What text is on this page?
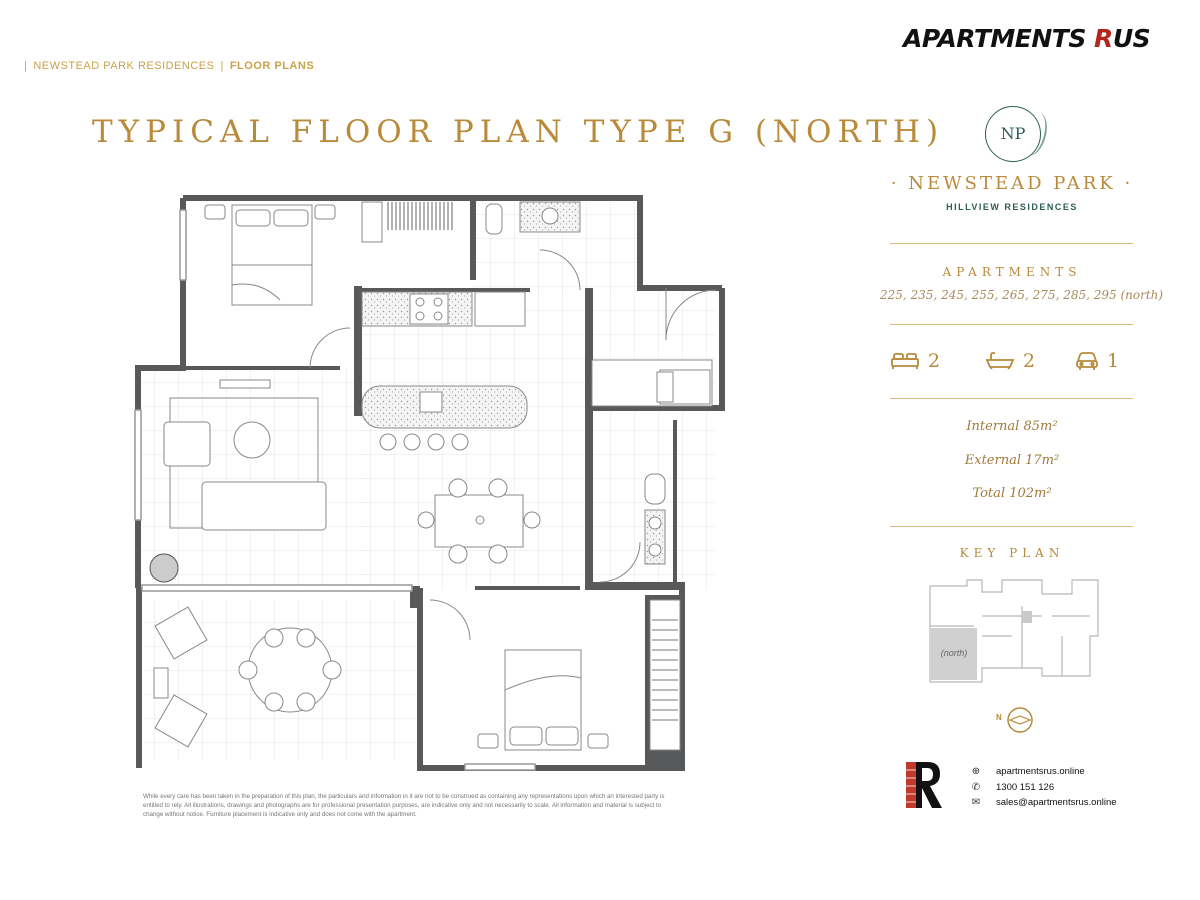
| NEWSTEAD PARK RESIDENCES | FLOOR PLANS
APARTMENTS RUS
TYPICAL FLOOR PLAN TYPE G (NORTH)	NP
· NEWSTEAD PARK ·
HILLVIEW RESIDENCES
APARTMENTS
225, 235, 245, 255, 265, 275, 285, 295 (north)
2	2	1
Internal 85m²
External 17m²
Total 102m²
KEY PLAN
(north)
N
While every care has been taken in the preparation of this plan, the particulars and information in it are not to be construed as containing any representations upon which an interested party is entitled to rely. All illustrations, drawings and photographs are for professional presentation purposes, are indicative only and not necessarily to scale. All information and material is subject to change without notice. Furniture placement is indicative only and does not come with the apartment.
⊕ apartmentsrus.online
✆ 1300 151 126
✉ sales@apartmentsrus.online
